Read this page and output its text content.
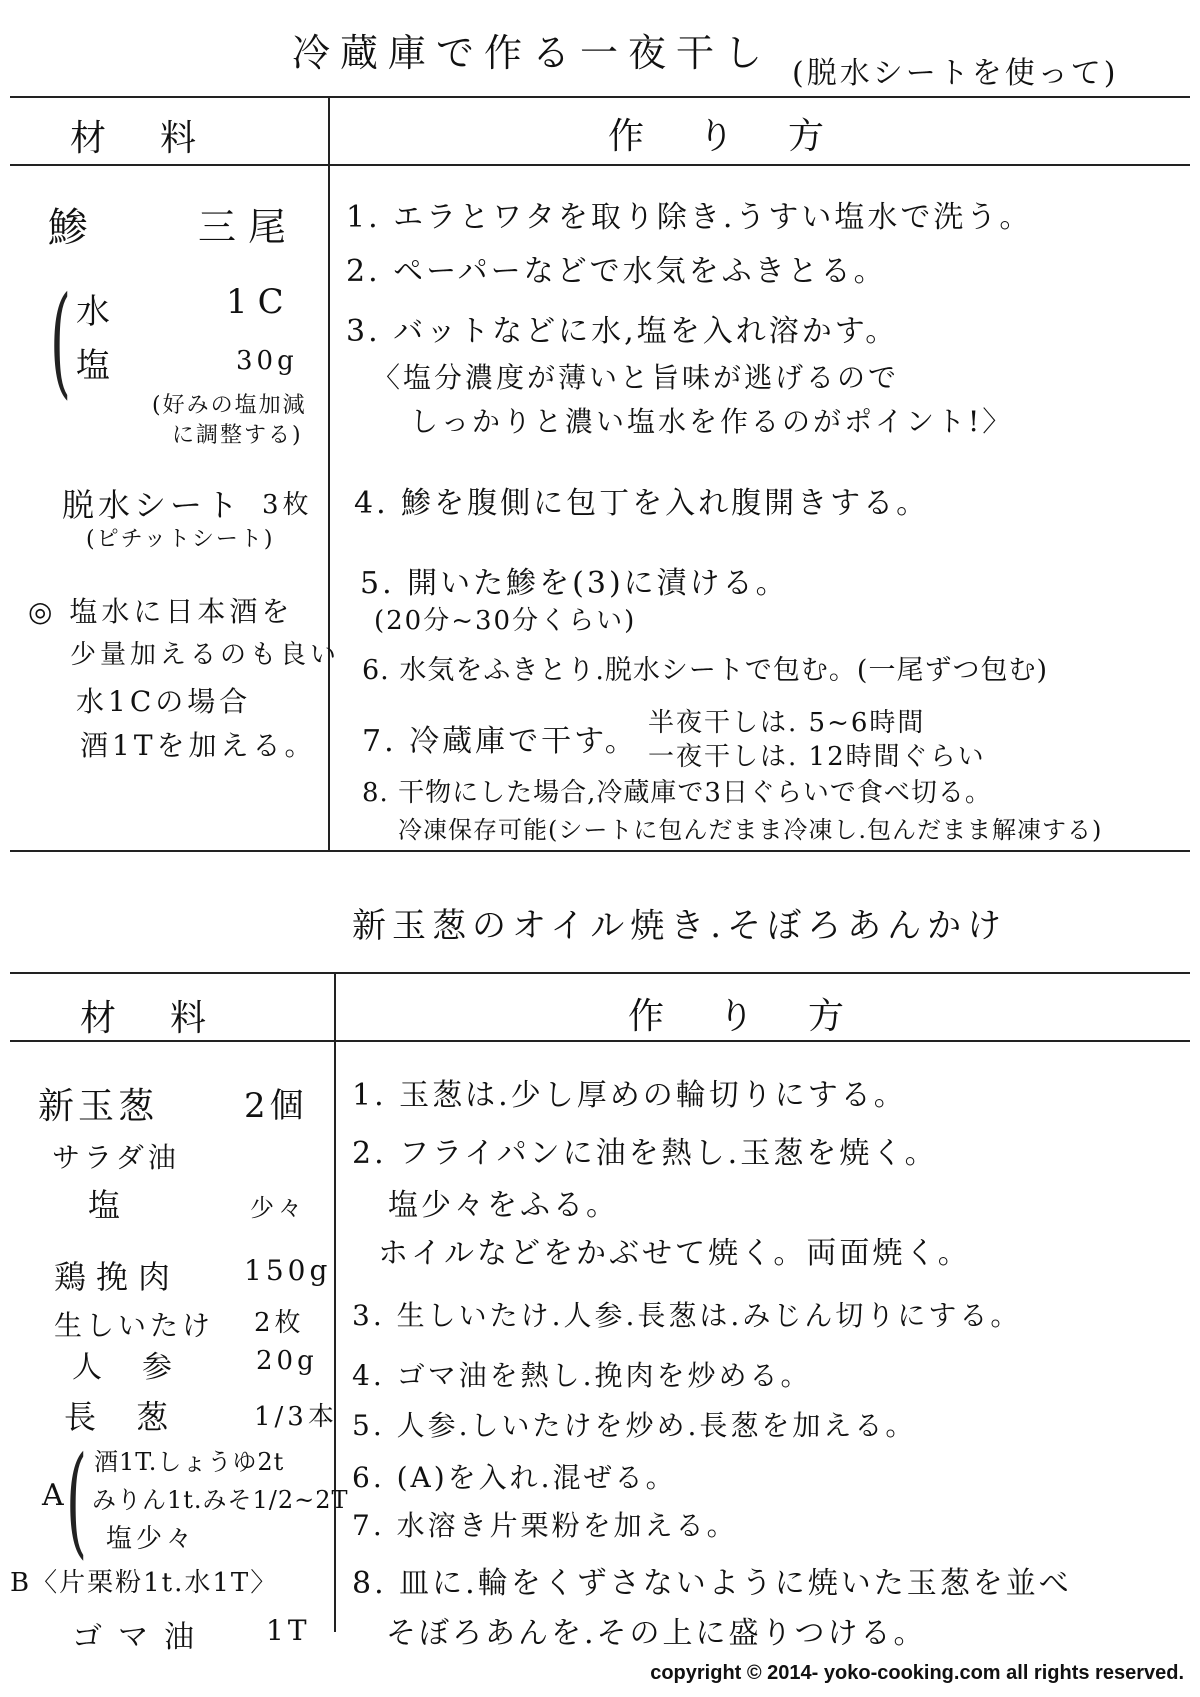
冷蔵庫で作る一夜干し (脱水シートを使って)
材料	作り方
鯵	三尾
( 水	1C
塩	30g
(好みの塩加減
に調整する)
脱水シート 3枚
(ピチットシート)
◎ 塩水に日本酒を
少量加えるのも良い
水1Cの場合
酒1Tを加える。
1. エラとワタを取り除き.うすい塩水で洗う。
2. ペーパーなどで水気をふきとる。
3. バットなどに水,塩を入れ溶かす。
〈塩分濃度が薄いと旨味が逃げるので
しっかりと濃い塩水を作るのがポイント!〉
4. 鯵を腹側に包丁を入れ腹開きする。
5. 開いた鯵を(3)に漬ける。
(20分~30分くらい)
6. 水気をふきとり.脱水シートで包む。(一尾ずつ包む)
7. 冷蔵庫で干す。
半夜干しは. 5~6時間
一夜干しは. 12時間ぐらい
8. 干物にした場合,冷蔵庫で3日ぐらいで食べ切る。
冷凍保存可能(シートに包んだまま冷凍し.包んだまま解凍する)
新玉葱のオイル焼き.そぼろあんかけ
材料	作り方
新玉葱	2個
サラダ油
塩	少々
鶏挽肉 150g
生しいたけ 2枚
人参 20g
長葱 1/3本
A
( 酒1T.しょうゆ2t
みりん1t.みそ1/2~2T
塩少々
B〈片栗粉1t.水1T〉
ゴマ油 1T
1. 玉葱は.少し厚めの輪切りにする。
2. フライパンに油を熱し.玉葱を焼く。
塩少々をふる。
ホイルなどをかぶせて焼く。両面焼く。
3. 生しいたけ.人参.長葱は.みじん切りにする。
4. ゴマ油を熱し.挽肉を炒める。
5. 人参.しいたけを炒め.長葱を加える。
6. (A)を入れ.混ぜる。
7. 水溶き片栗粉を加える。
8. 皿に.輪をくずさないように焼いた玉葱を並べ
そぼろあんを.その上に盛りつける。
copyright © 2014- yoko-cooking.com all rights reserved.
